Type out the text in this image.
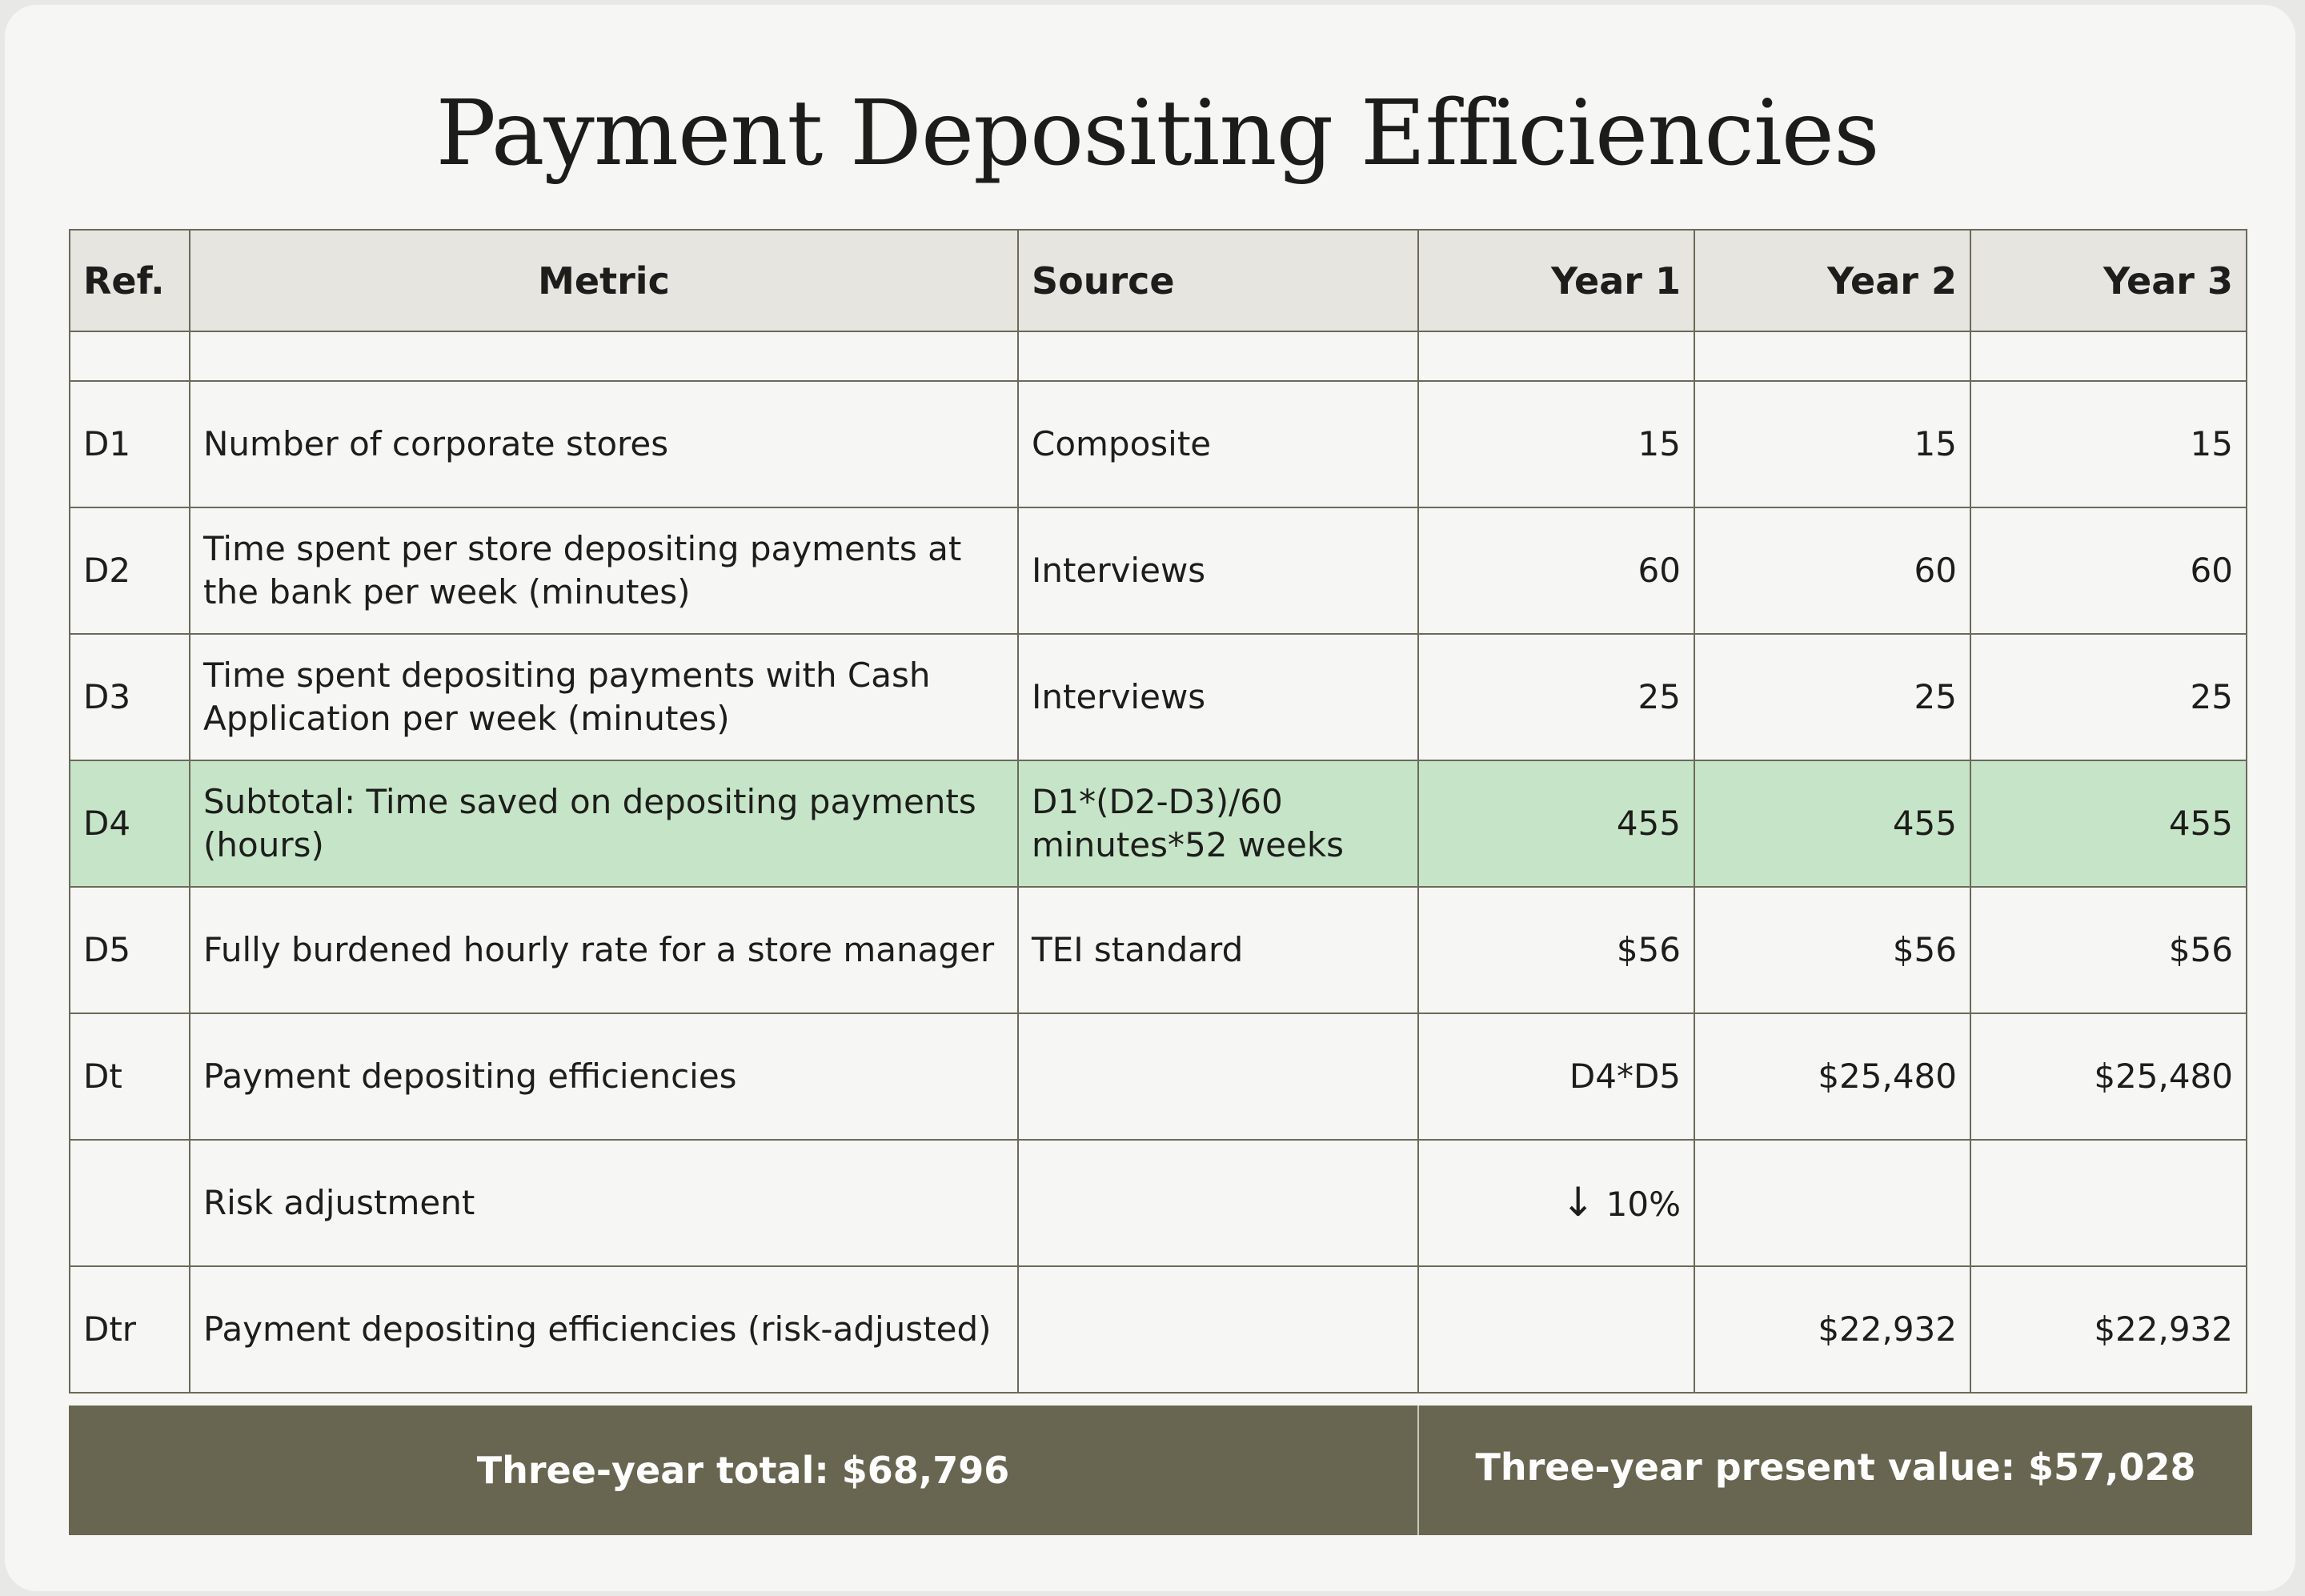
Payment Depositing Efficiencies
Ref.	Metric	Source	Year 1	Year 2	Year 3

D1	Number of corporate stores	Composite	15	15	15
D2	Time spent per store depositing payments at the bank per week (minutes)	Interviews	60	60	60
D3	Time spent depositing payments with Cash Application per week (minutes)	Interviews	25	25	25
D4	Subtotal: Time saved on depositing payments (hours)	D1*(D2-D3)/60 minutes*52 weeks	455	455	455
D5	Fully burdened hourly rate for a store manager	TEI standard	$56	$56	$56
Dt	Payment depositing efficiencies		D4*D5	$25,480	$25,480
	Risk adjustment		↓ 10%		
Dtr	Payment depositing efficiencies (risk-adjusted)			$22,932	$22,932
Three-year total: $68,796	Three-year present value: $57,028
